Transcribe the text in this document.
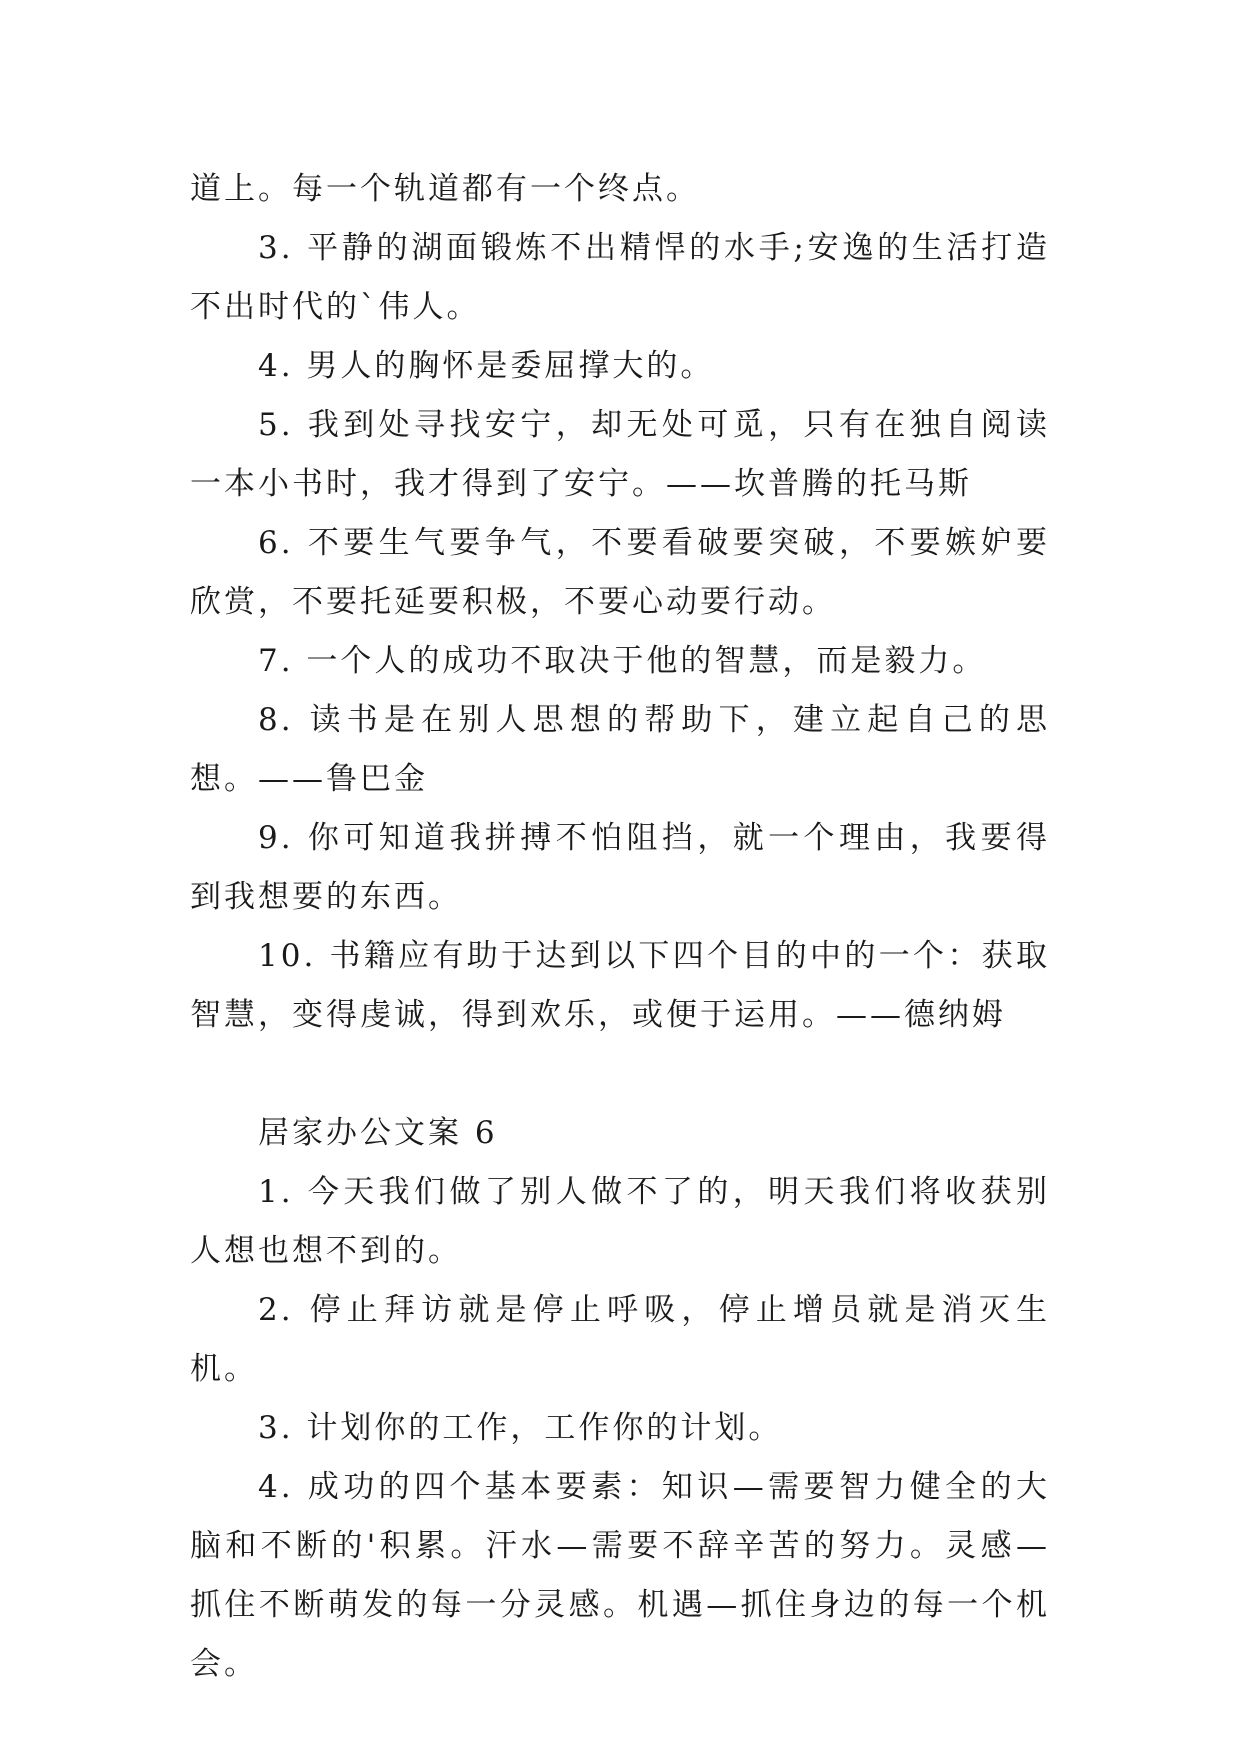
道上。每一个轨道都有一个终点。

3. 平静的湖面锻炼不出精悍的水手;安逸的生活打造不出时代的`伟人。

4. 男人的胸怀是委屈撑大的。

5. 我到处寻找安宁，却无处可觅，只有在独自阅读一本小书时，我才得到了安宁。——坎普腾的托马斯

6. 不要生气要争气，不要看破要突破，不要嫉妒要欣赏，不要托延要积极，不要心动要行动。

7. 一个人的成功不取决于他的智慧，而是毅力。

8. 读书是在别人思想的帮助下，建立起自己的思想。——鲁巴金

9. 你可知道我拼搏不怕阻挡，就一个理由，我要得到我想要的东西。

10. 书籍应有助于达到以下四个目的中的一个：获取智慧，变得虔诚，得到欢乐，或便于运用。——德纳姆

居家办公文案 6

1. 今天我们做了别人做不了的，明天我们将收获别人想也想不到的。

2. 停止拜访就是停止呼吸，停止增员就是消灭生机。

3. 计划你的工作，工作你的计划。

4. 成功的四个基本要素：知识—需要智力健全的大脑和不断的'积累。汗水—需要不辞辛苦的努力。灵感—抓住不断萌发的每一分灵感。机遇—抓住身边的每一个机会。
